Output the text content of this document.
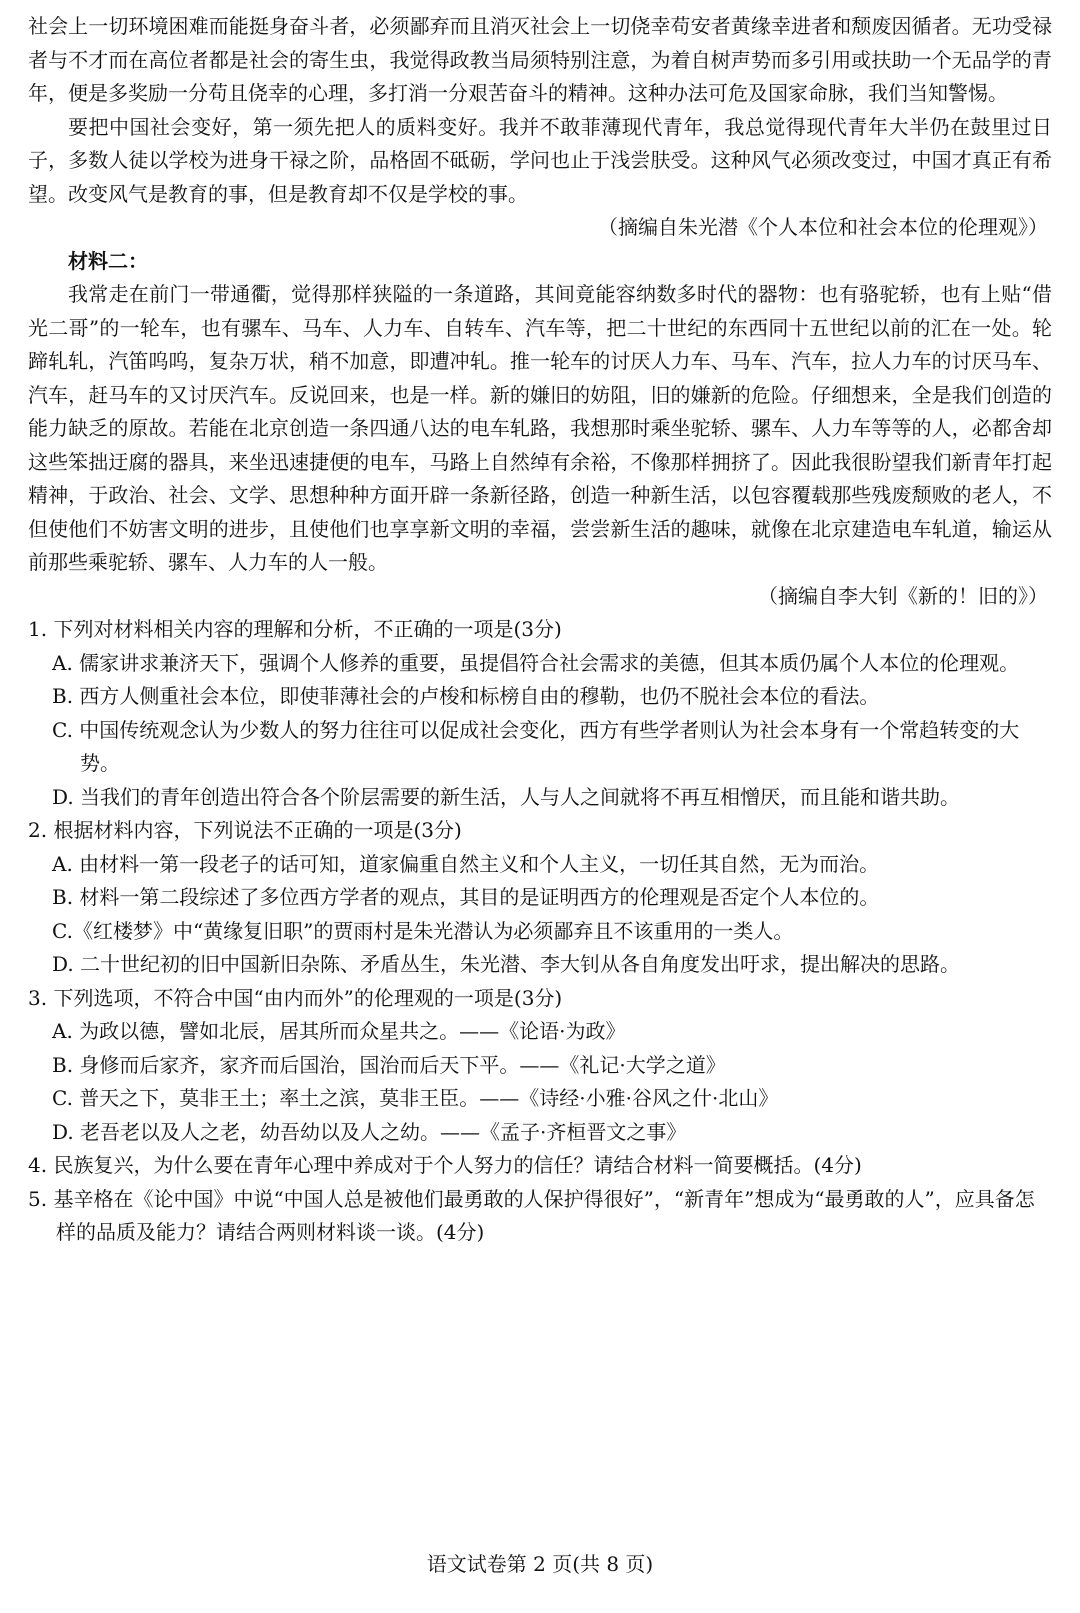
社会上一切环境困难而能挺身奋斗者，必须鄙弃而且消灭社会上一切侥幸苟安者黄缘幸进者和颓废因循者。无功受禄者与不才而在高位者都是社会的寄生虫，我觉得政教当局须特别注意，为着自树声势而多引用或扶助一个无品学的青年，便是多奖励一分苟且侥幸的心理，多打消一分艰苦奋斗的精神。这种办法可危及国家命脉，我们当知警惕。

要把中国社会变好，第一须先把人的质料变好。我并不敢菲薄现代青年，我总觉得现代青年大半仍在鼓里过日子，多数人徒以学校为进身干禄之阶，品格固不砥砺，学问也止于浅尝肤受。这种风气必须改变过，中国才真正有希望。改变风气是教育的事，但是教育却不仅是学校的事。

（摘编自朱光潜《个人本位和社会本位的伦理观》）

材料二：

我常走在前门一带通衢，觉得那样狭隘的一条道路，其间竟能容纳数多时代的器物：也有骆驼轿，也有上贴“借光二哥”的一轮车，也有骡车、马车、人力车、自转车、汽车等，把二十世纪的东西同十五世纪以前的汇在一处。轮蹄轧轧，汽笛呜呜，复杂万状，稍不加意，即遭冲轧。推一轮车的讨厌人力车、马车、汽车，拉人力车的讨厌马车、汽车，赶马车的又讨厌汽车。反说回来，也是一样。新的嫌旧的妨阻，旧的嫌新的危险。仔细想来，全是我们创造的能力缺乏的原故。若能在北京创造一条四通八达的电车轧路，我想那时乘坐驼轿、骡车、人力车等等的人，必都舍却这些笨拙迂腐的器具，来坐迅速捷便的电车，马路上自然绰有余裕，不像那样拥挤了。因此我很盼望我们新青年打起精神，于政治、社会、文学、思想种种方面开辟一条新径路，创造一种新生活，以包容覆载那些残废颓败的老人，不但使他们不妨害文明的进步，且使他们也享享新文明的幸福，尝尝新生活的趣味，就像在北京建造电车轧道，输运从前那些乘驼轿、骡车、人力车的人一般。

（摘编自李大钊《新的！旧的》）

1. 下列对材料相关内容的理解和分析，不正确的一项是(3分)

A. 儒家讲求兼济天下，强调个人修养的重要，虽提倡符合社会需求的美德，但其本质仍属个人本位的伦理观。
B. 西方人侧重社会本位，即使菲薄社会的卢梭和标榜自由的穆勒，也仍不脱社会本位的看法。
C. 中国传统观念认为少数人的努力往往可以促成社会变化，西方有些学者则认为社会本身有一个常趋转变的大势。
D. 当我们的青年创造出符合各个阶层需要的新生活，人与人之间就将不再互相憎厌，而且能和谐共助。

2. 根据材料内容，下列说法不正确的一项是(3分)

A. 由材料一第一段老子的话可知，道家偏重自然主义和个人主义，一切任其自然，无为而治。
B. 材料一第二段综述了多位西方学者的观点，其目的是证明西方的伦理观是否定个人本位的。
C.《红楼梦》中“黄缘复旧职”的贾雨村是朱光潜认为必须鄙弃且不该重用的一类人。
D. 二十世纪初的旧中国新旧杂陈、矛盾丛生，朱光潜、李大钊从各自角度发出吁求，提出解决的思路。

3. 下列选项，不符合中国“由内而外”的伦理观的一项是(3分)

A. 为政以德，譬如北辰，居其所而众星共之。——《论语·为政》
B. 身修而后家齐，家齐而后国治，国治而后天下平。——《礼记·大学之道》
C. 普天之下，莫非王土；率土之滨，莫非王臣。——《诗经·小雅·谷风之什·北山》
D. 老吾老以及人之老，幼吾幼以及人之幼。——《孟子·齐桓晋文之事》

4. 民族复兴，为什么要在青年心理中养成对于个人努力的信任？请结合材料一简要概括。(4分)

5. 基辛格在《论中国》中说“中国人总是被他们最勇敢的人保护得很好”，“新青年”想成为“最勇敢的人”，应具备怎样的品质及能力？请结合两则材料谈一谈。(4分)

语文试卷第 2 页(共 8 页)
